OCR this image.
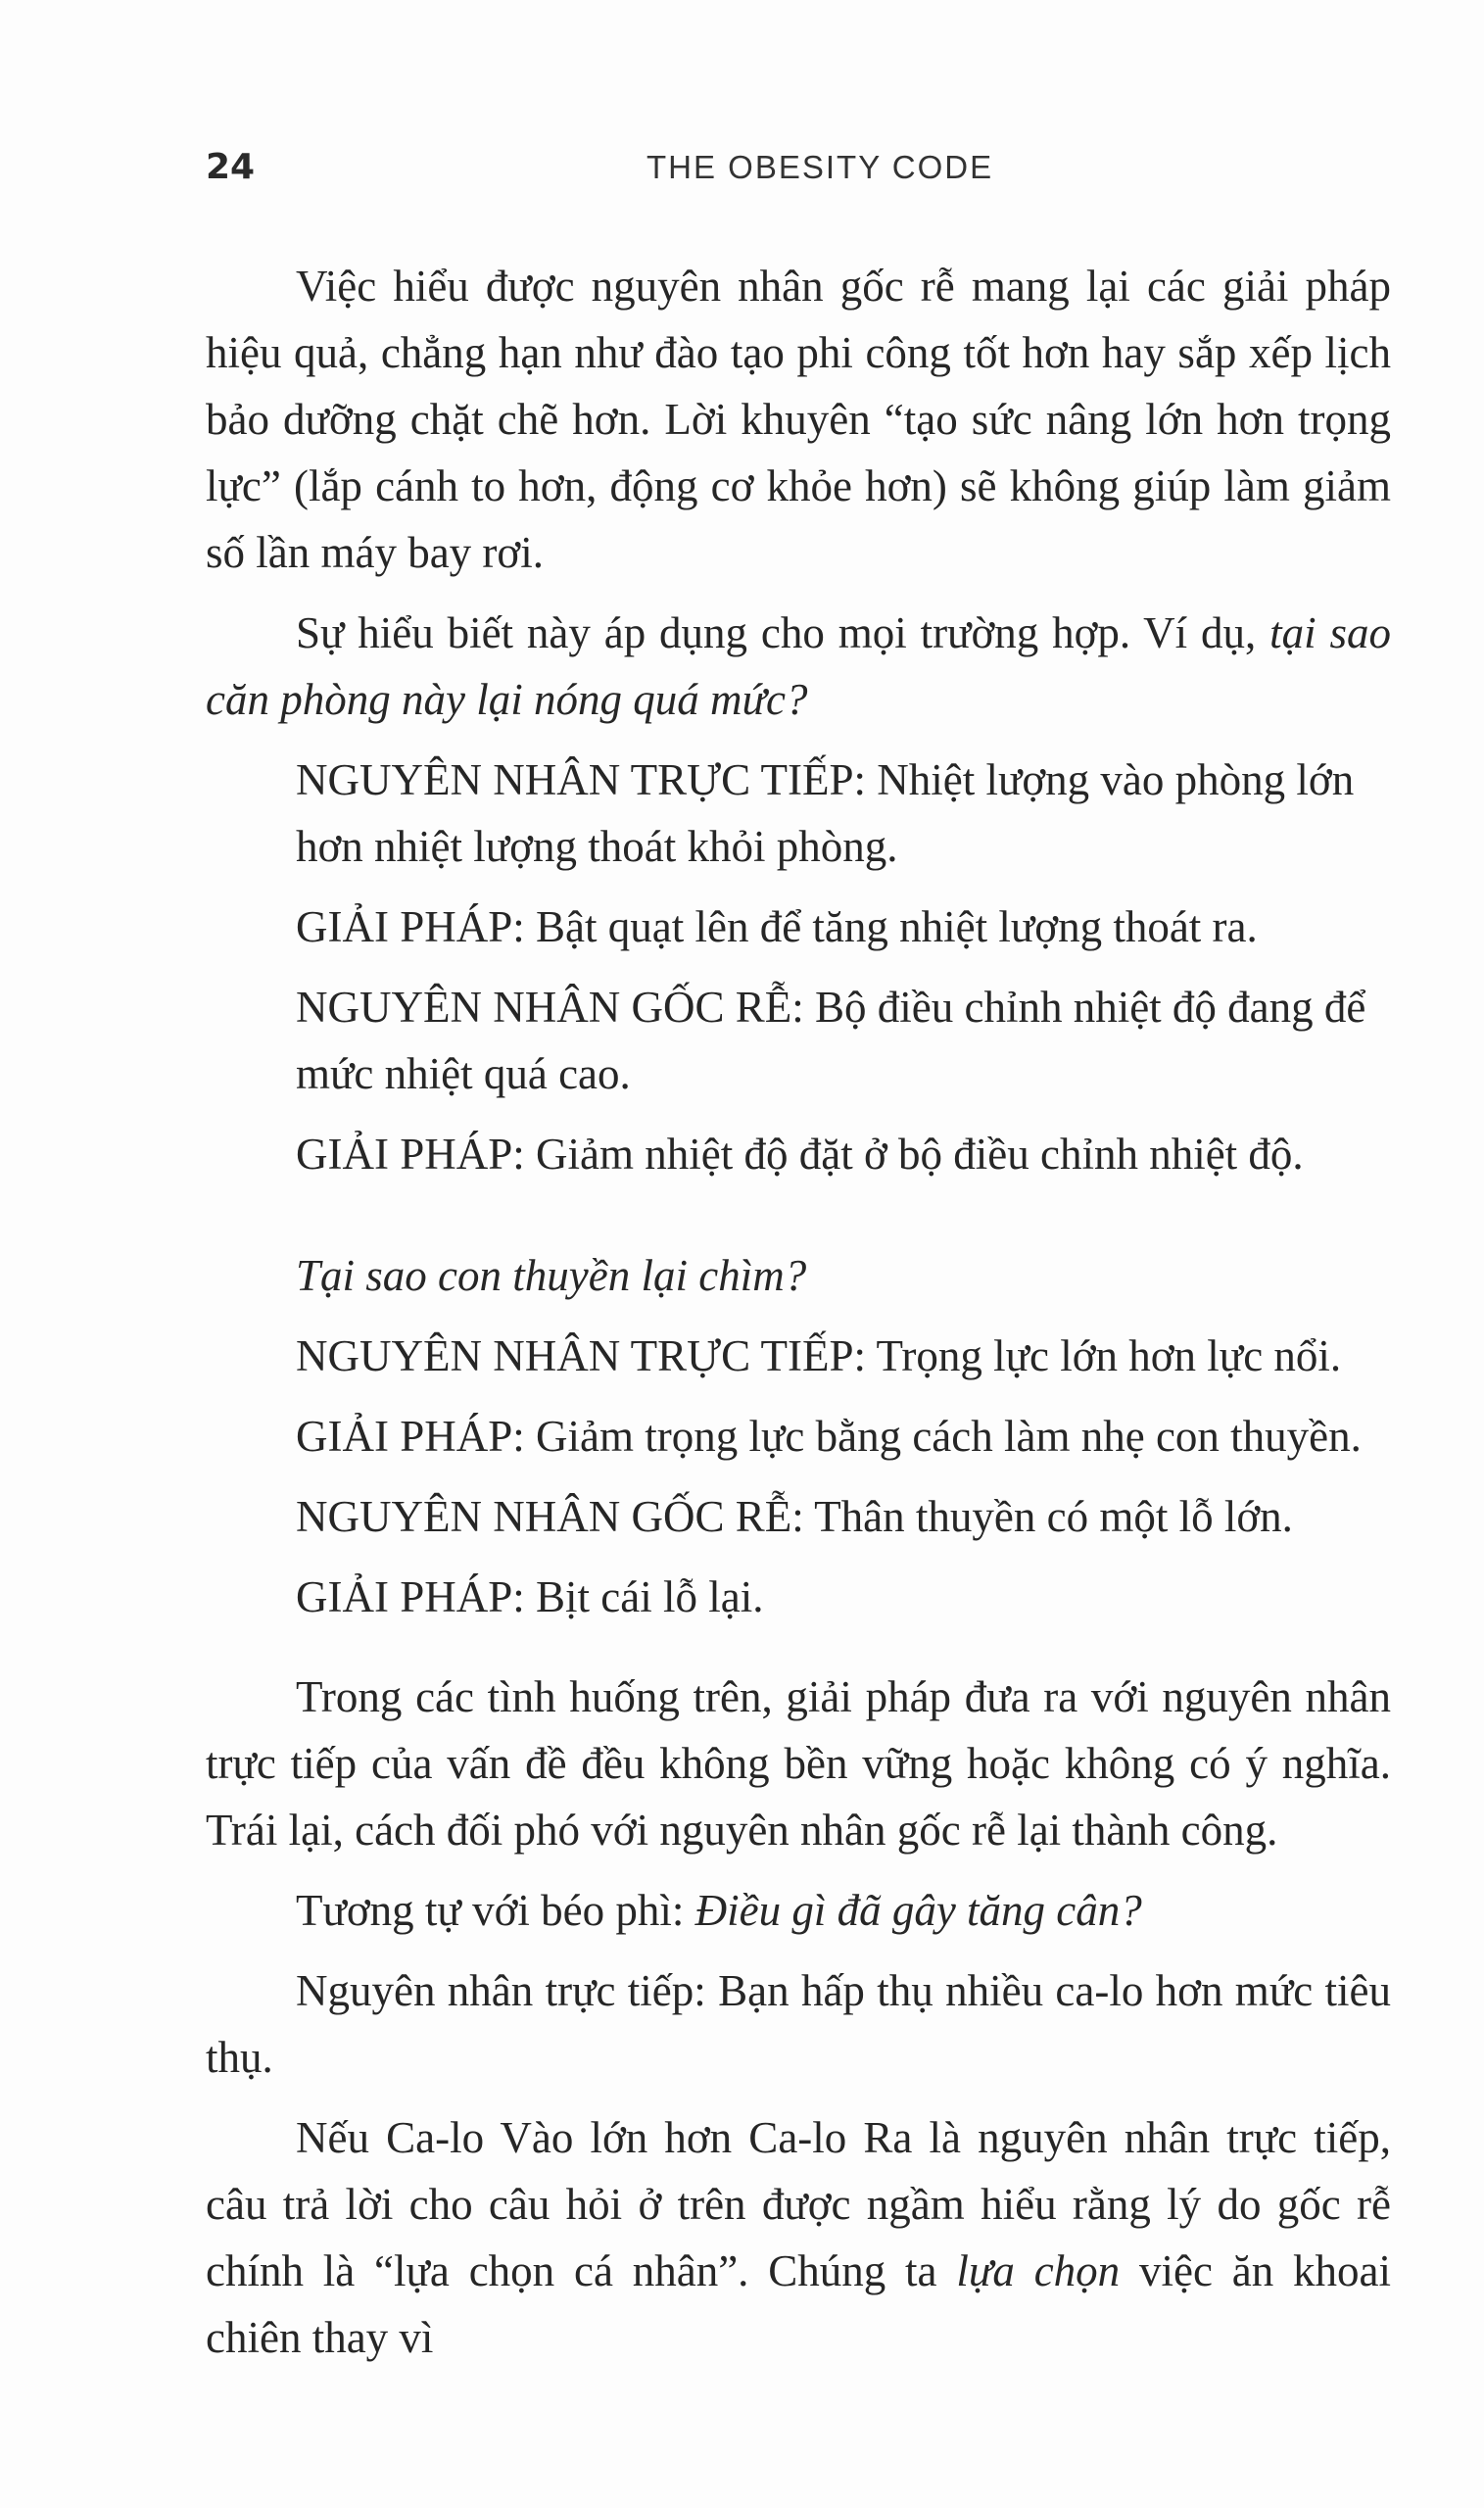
24	THE OBESITY CODE

Việc hiểu được nguyên nhân gốc rễ mang lại các giải pháp hiệu quả, chẳng hạn như đào tạo phi công tốt hơn hay sắp xếp lịch bảo dưỡng chặt chẽ hơn. Lời khuyên “tạo sức nâng lớn hơn trọng lực” (lắp cánh to hơn, động cơ khỏe hơn) sẽ không giúp làm giảm số lần máy bay rơi.

Sự hiểu biết này áp dụng cho mọi trường hợp. Ví dụ, tại sao căn phòng này lại nóng quá mức?

NGUYÊN NHÂN TRỰC TIẾP: Nhiệt lượng vào phòng lớn hơn nhiệt lượng thoát khỏi phòng.

GIẢI PHÁP: Bật quạt lên để tăng nhiệt lượng thoát ra.

NGUYÊN NHÂN GỐC RỄ: Bộ điều chỉnh nhiệt độ đang để mức nhiệt quá cao.

GIẢI PHÁP: Giảm nhiệt độ đặt ở bộ điều chỉnh nhiệt độ.

Tại sao con thuyền lại chìm?

NGUYÊN NHÂN TRỰC TIẾP: Trọng lực lớn hơn lực nổi.

GIẢI PHÁP: Giảm trọng lực bằng cách làm nhẹ con thuyền.

NGUYÊN NHÂN GỐC RỄ: Thân thuyền có một lỗ lớn.

GIẢI PHÁP: Bịt cái lỗ lại.

Trong các tình huống trên, giải pháp đưa ra với nguyên nhân trực tiếp của vấn đề đều không bền vững hoặc không có ý nghĩa. Trái lại, cách đối phó với nguyên nhân gốc rễ lại thành công.

Tương tự với béo phì: Điều gì đã gây tăng cân?

Nguyên nhân trực tiếp: Bạn hấp thụ nhiều ca-lo hơn mức tiêu thụ.

Nếu Ca-lo Vào lớn hơn Ca-lo Ra là nguyên nhân trực tiếp, câu trả lời cho câu hỏi ở trên được ngầm hiểu rằng lý do gốc rễ chính là “lựa chọn cá nhân”. Chúng ta lựa chọn việc ăn khoai chiên thay vì
